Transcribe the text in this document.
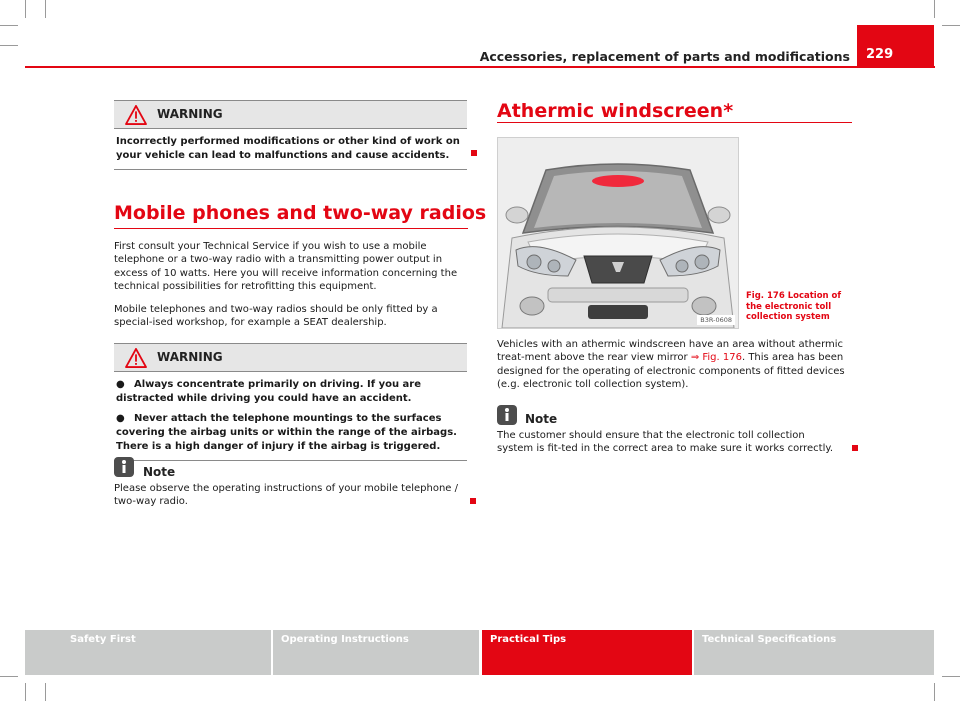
229
Accessories, replacement of parts and modifications
WARNING

Incorrectly performed modifications or other kind of work on your vehicle can lead to malfunctions and cause accidents.

Mobile phones and two-way radios

First consult your Technical Service if you wish to use a mobile telephone or a two-way radio with a transmitting power output in excess of 10 watts. Here you will receive information concerning the technical possibilities for retrofitting this equipment.

Mobile telephones and two-way radios should be only fitted by a special-ised workshop, for example a SEAT dealership.

WARNING

● Always concentrate primarily on driving. If you are distracted while driving you could have an accident.

● Never attach the telephone mountings to the surfaces covering the airbag units or within the range of the airbags. There is a high danger of injury if the airbag is triggered.

Note

Please observe the operating instructions of your mobile telephone / two-way radio.

Athermic windscreen*
B3R-0608
Fig. 176 Location of the electronic toll collection system

Vehicles with an athermic windscreen have an area without athermic treat-ment above the rear view mirror ⇒ Fig. 176. This area has been designed for the operating of electronic components of fitted devices (e.g. electronic toll collection system).

Note

The customer should ensure that the electronic toll collection system is fit-ted in the correct area to make sure it works correctly.

Safety First	Operating Instructions	Practical Tips	Technical Specifications
